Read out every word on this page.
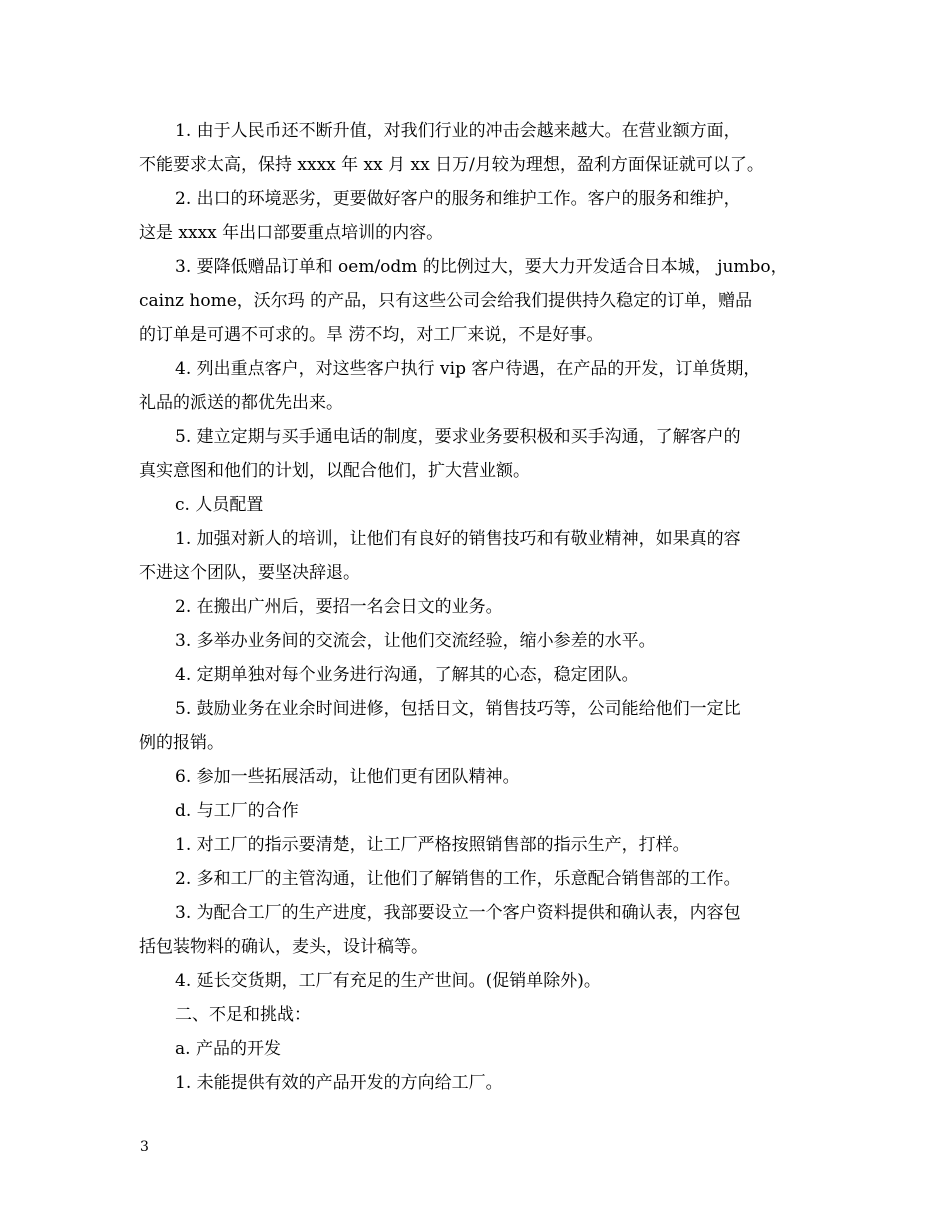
1. 由于人民币还不断升值，对我们行业的冲击会越来越大。在营业额方面，
不能要求太高，保持 xxxx 年 xx 月 xx 日万/月较为理想，盈利方面保证就可以了。
2. 出口的环境恶劣，更要做好客户的服务和维护工作。客户的服务和维护，
这是 xxxx 年出口部要重点培训的内容。
3. 要降低赠品订单和 oem/odm 的比例过大，要大力开发适合日本城， jumbo，
cainz home，沃尔玛 的产品，只有这些公司会给我们提供持久稳定的订单，赠品
的订单是可遇不可求的。旱 涝不均，对工厂来说，不是好事。
4. 列出重点客户，对这些客户执行 vip 客户待遇，在产品的开发，订单货期，
礼品的派送的都优先出来。
5. 建立定期与买手通电话的制度，要求业务要积极和买手沟通，了解客户的
真实意图和他们的计划，以配合他们，扩大营业额。
c. 人员配置
1. 加强对新人的培训，让他们有良好的销售技巧和有敬业精神，如果真的容
不进这个团队，要坚决辞退。
2. 在搬出广州后，要招一名会日文的业务。
3. 多举办业务间的交流会，让他们交流经验，缩小参差的水平。
4. 定期单独对每个业务进行沟通，了解其的心态，稳定团队。
5. 鼓励业务在业余时间进修，包括日文，销售技巧等，公司能给他们一定比
例的报销。
6. 参加一些拓展活动，让他们更有团队精神。
d. 与工厂的合作
1. 对工厂的指示要清楚，让工厂严格按照销售部的指示生产，打样。
2. 多和工厂的主管沟通，让他们了解销售的工作，乐意配合销售部的工作。
3. 为配合工厂的生产进度，我部要设立一个客户资料提供和确认表，内容包
括包装物料的确认，麦头，设计稿等。
4. 延长交货期，工厂有充足的生产世间。(促销单除外)。
二、不足和挑战：
a. 产品的开发
1. 未能提供有效的产品开发的方向给工厂。
3
